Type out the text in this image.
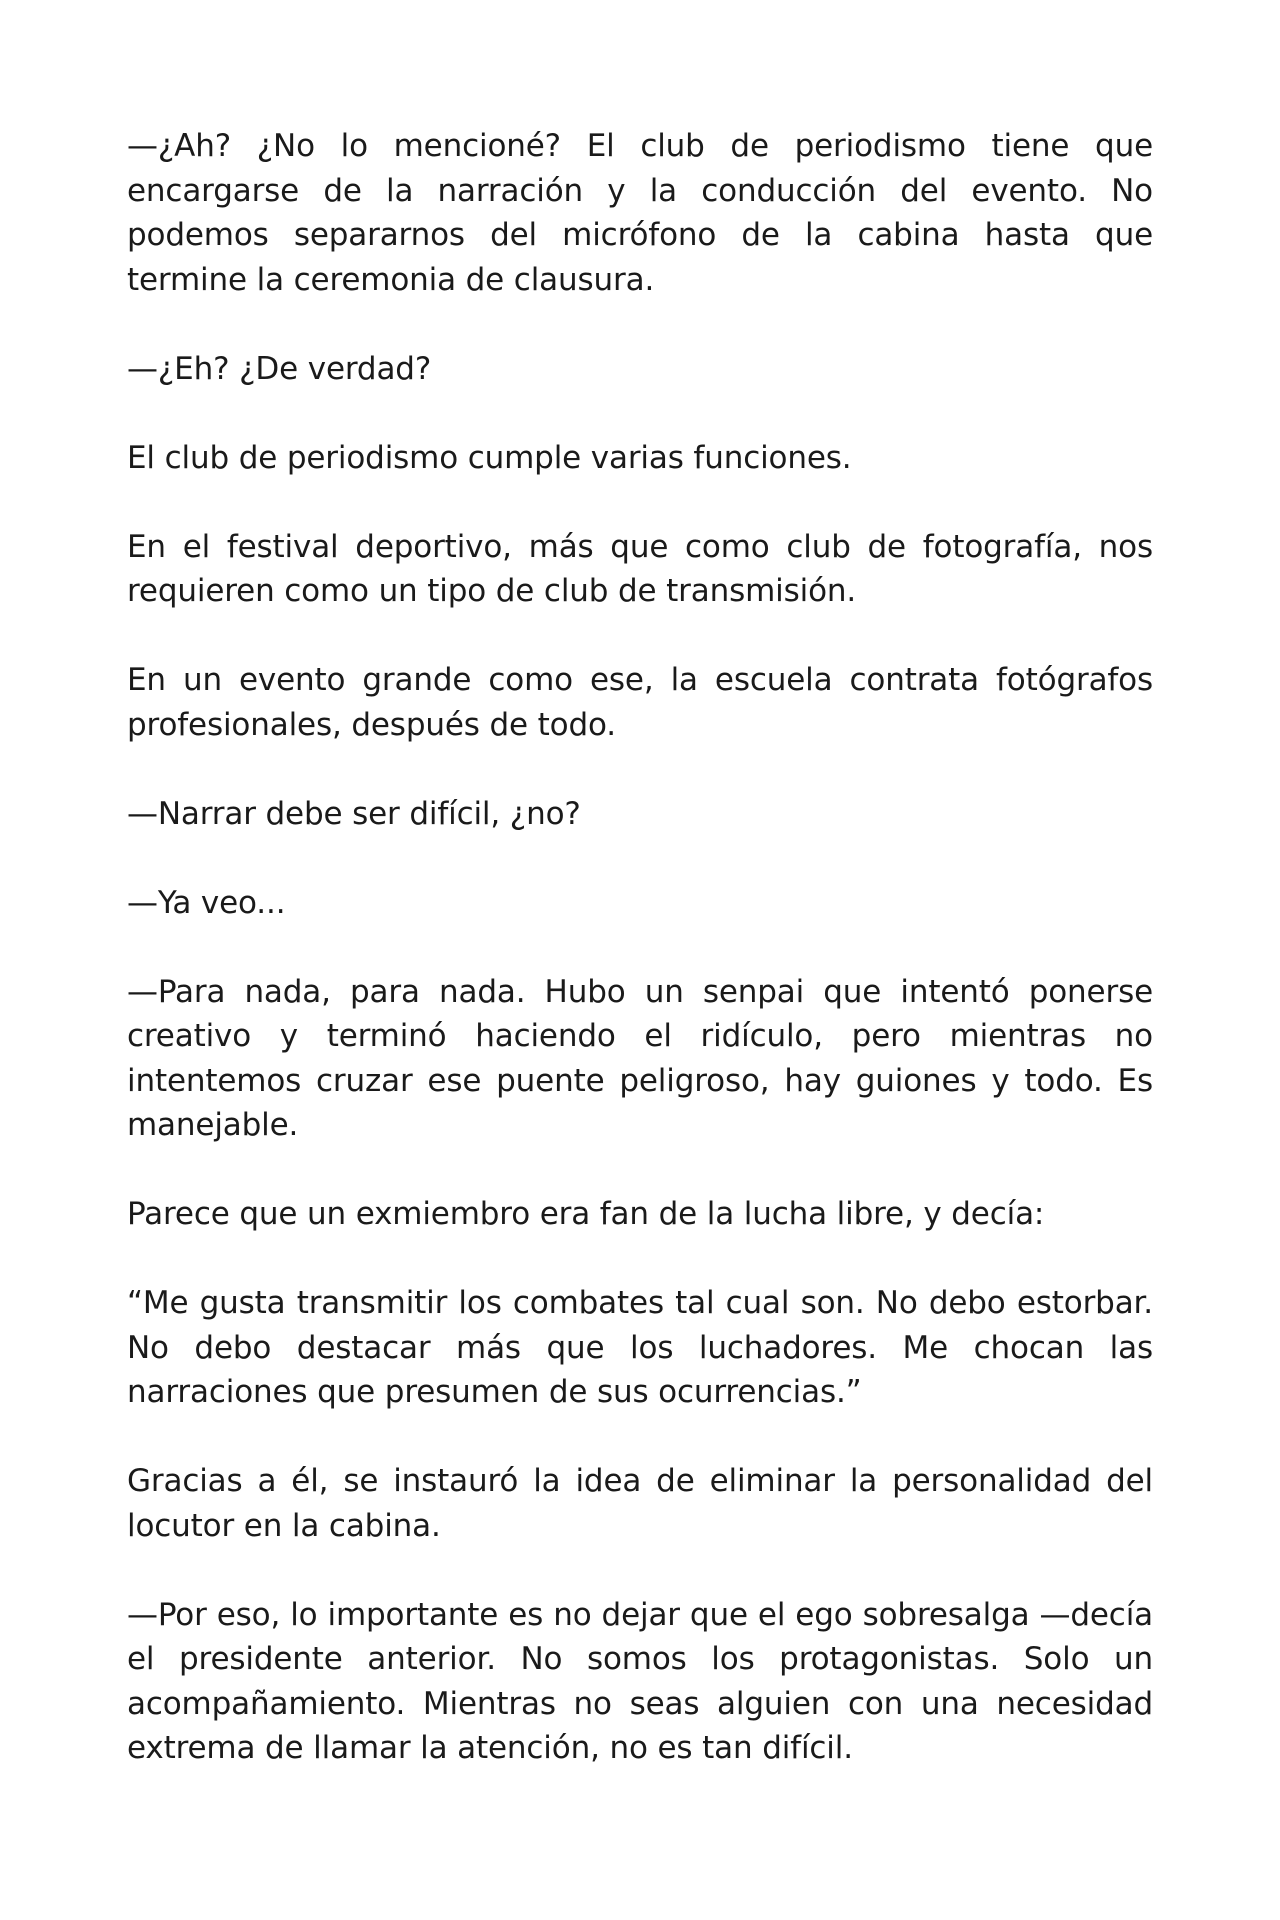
—¿Ah? ¿No lo mencioné? El club de periodismo tiene que encargarse de la narración y la conducción del evento. No podemos separarnos del micrófono de la cabina hasta que termine la ceremonia de clausura.

—¿Eh? ¿De verdad?

El club de periodismo cumple varias funciones.

En el festival deportivo, más que como club de fotografía, nos requieren como un tipo de club de transmisión.

En un evento grande como ese, la escuela contrata fotógrafos profesionales, después de todo.

—Narrar debe ser difícil, ¿no?

—Ya veo...

—Para nada, para nada. Hubo un senpai que intentó ponerse creativo y terminó haciendo el ridículo, pero mientras no intentemos cruzar ese puente peligroso, hay guiones y todo. Es manejable.

Parece que un exmiembro era fan de la lucha libre, y decía:

“Me gusta transmitir los combates tal cual son. No debo estorbar. No debo destacar más que los luchadores. Me chocan las narraciones que presumen de sus ocurrencias.”

Gracias a él, se instauró la idea de eliminar la personalidad del locutor en la cabina.

—Por eso, lo importante es no dejar que el ego sobresalga —decía el presidente anterior. No somos los protagonistas. Solo un acompañamiento. Mientras no seas alguien con una necesidad extrema de llamar la atención, no es tan difícil.
